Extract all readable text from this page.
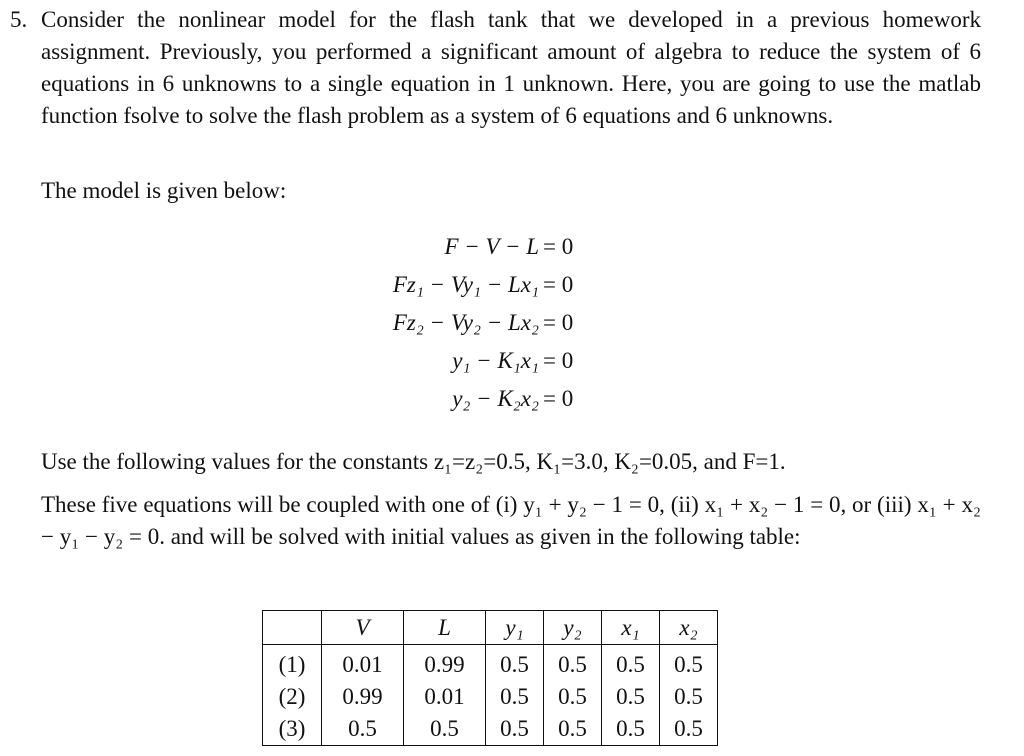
5. Consider the nonlinear model for the flash tank that we developed in a previous homework assignment. Previously, you performed a significant amount of algebra to reduce the system of 6 equations in 6 unknowns to a single equation in 1 unknown. Here, you are going to use the matlab function fsolve to solve the flash problem as a system of 6 equations and 6 unknowns.

The model is given below:

F − V − L = 0
Fz₁ − Vy₁ − Lx₁ = 0
Fz₂ − Vy₂ − Lx₂ = 0
y₁ − K₁x₁ = 0
y₂ − K₂x₂ = 0

Use the following values for the constants z₁=z₂=0.5, K₁=3.0, K₂=0.05, and F=1.

These five equations will be coupled with one of (i) y₁ + y₂ − 1 = 0, (ii) x₁ + x₂ − 1 = 0, or (iii) x₁ + x₂ − y₁ − y₂ = 0. and will be solved with initial values as given in the following table:

	V	L	y₁	y₂	x₁	x₂
(1)	0.01	0.99	0.5	0.5	0.5	0.5
(2)	0.99	0.01	0.5	0.5	0.5	0.5
(3)	0.5	0.5	0.5	0.5	0.5	0.5
